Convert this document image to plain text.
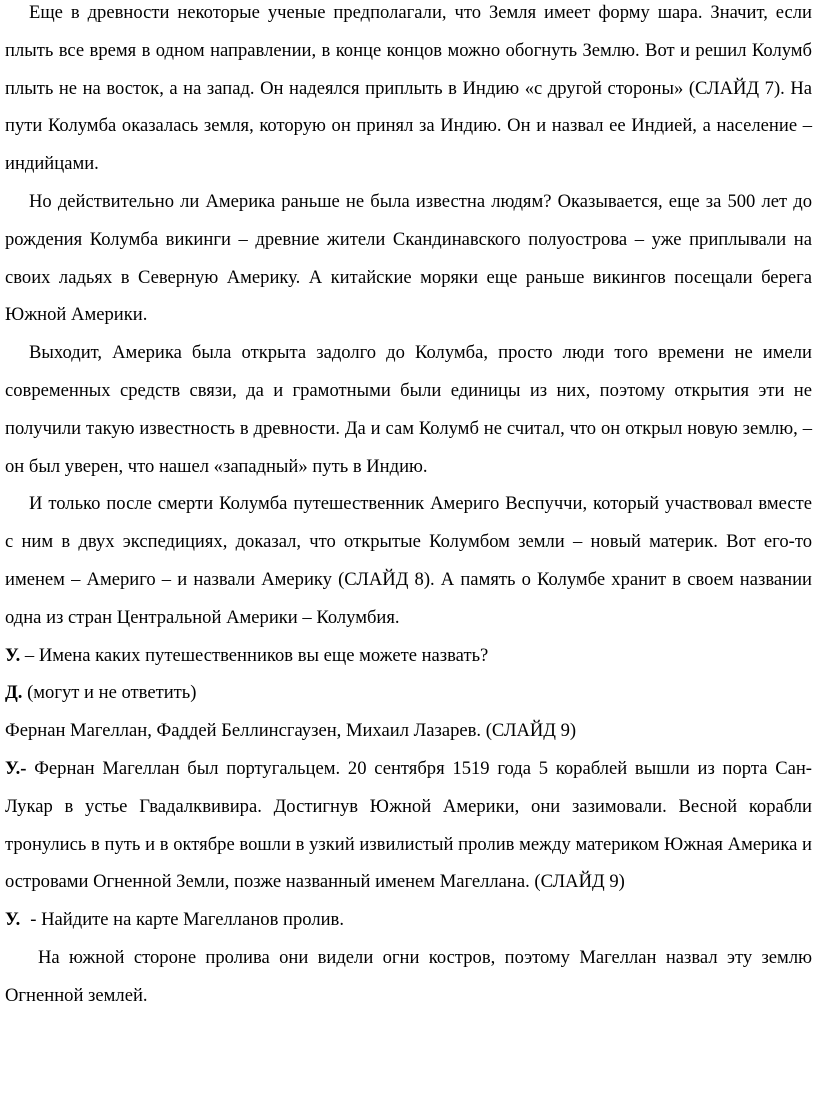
Еще в древности некоторые ученые предполагали, что Земля имеет форму шара. Значит, если плыть все время в одном направлении, в конце концов можно обогнуть Землю. Вот и решил Колумб плыть не на восток, а на запад. Он надеялся приплыть в Индию «с другой стороны» (СЛАЙД 7). На пути Колумба оказалась земля, которую он принял за Индию. Он и назвал ее Индией, а население – индийцами.

Но действительно ли Америка раньше не была известна людям? Оказывается, еще за 500 лет до рождения Колумба викинги – древние жители Скандинавского полуострова – уже приплывали на своих ладьях в Северную Америку. А китайские моряки еще раньше викингов посещали берега Южной Америки.

Выходит, Америка была открыта задолго до Колумба, просто люди того времени не имели современных средств связи, да и грамотными были единицы из них, поэтому открытия эти не получили такую известность в древности. Да и сам Колумб не считал, что он открыл новую землю, – он был уверен, что нашел «западный» путь в Индию.

И только после смерти Колумба путешественник Америго Веспуччи, который участвовал вместе с ним в двух экспедициях, доказал, что открытые Колумбом земли – новый материк. Вот его-то именем – Америго – и назвали Америку (СЛАЙД 8). А память о Колумбе хранит в своем названии одна из стран Центральной Америки – Колумбия.

У. – Имена каких путешественников вы еще можете назвать?

Д. (могут и не ответить)

Фернан Магеллан, Фаддей Беллинсгаузен, Михаил Лазарев. (СЛАЙД 9)

У.- Фернан Магеллан был португальцем. 20 сентября 1519 года 5 кораблей вышли из порта Сан-Лукар в устье Гвадалквивира. Достигнув Южной Америки, они зазимовали. Весной корабли тронулись в путь и в октябре вошли в узкий извилистый пролив между материком Южная Америка и островами Огненной Земли, позже названный именем Магеллана. (СЛАЙД 9)

У. - Найдите на карте Магелланов пролив.

На южной стороне пролива они видели огни костров, поэтому Магеллан назвал эту землю Огненной землей.
